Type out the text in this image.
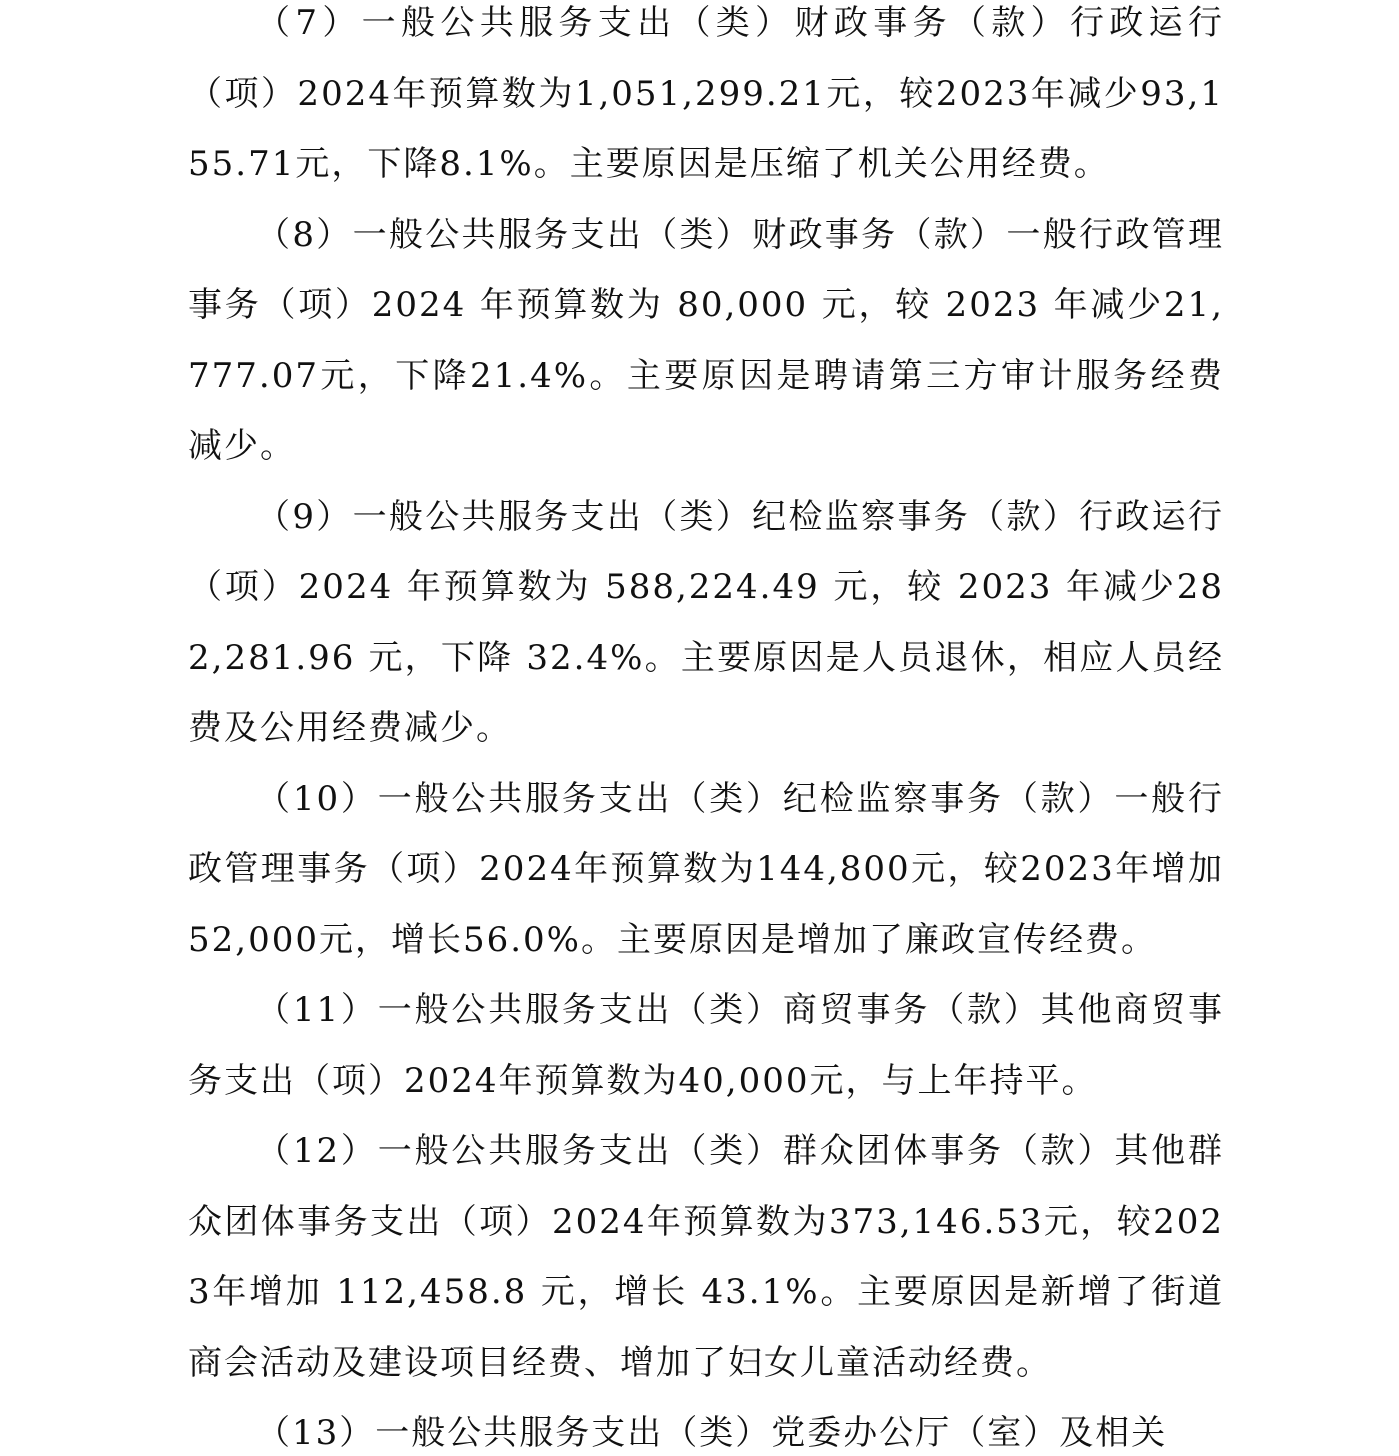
（7）一般公共服务支出（类）财政事务（款）行政运行（项）2024年预算数为1,051,299.21元，较2023年减少93,155.71元，下降8.1%。主要原因是压缩了机关公用经费。

（8）一般公共服务支出（类）财政事务（款）一般行政管理事务（项）2024 年预算数为 80,000 元，较 2023 年减少21,777.07元，下降21.4%。主要原因是聘请第三方审计服务经费减少。

（9）一般公共服务支出（类）纪检监察事务（款）行政运行（项）2024 年预算数为 588,224.49 元，较 2023 年减少282,281.96 元，下降 32.4%。主要原因是人员退休，相应人员经费及公用经费减少。

（10）一般公共服务支出（类）纪检监察事务（款）一般行政管理事务（项）2024年预算数为144,800元，较2023年增加52,000元，增长56.0%。主要原因是增加了廉政宣传经费。

（11）一般公共服务支出（类）商贸事务（款）其他商贸事务支出（项）2024年预算数为40,000元，与上年持平。

（12）一般公共服务支出（类）群众团体事务（款）其他群众团体事务支出（项）2024年预算数为373,146.53元，较2023年增加 112,458.8 元，增长 43.1%。主要原因是新增了街道商会活动及建设项目经费、增加了妇女儿童活动经费。

（13）一般公共服务支出（类）党委办公厅（室）及相关
